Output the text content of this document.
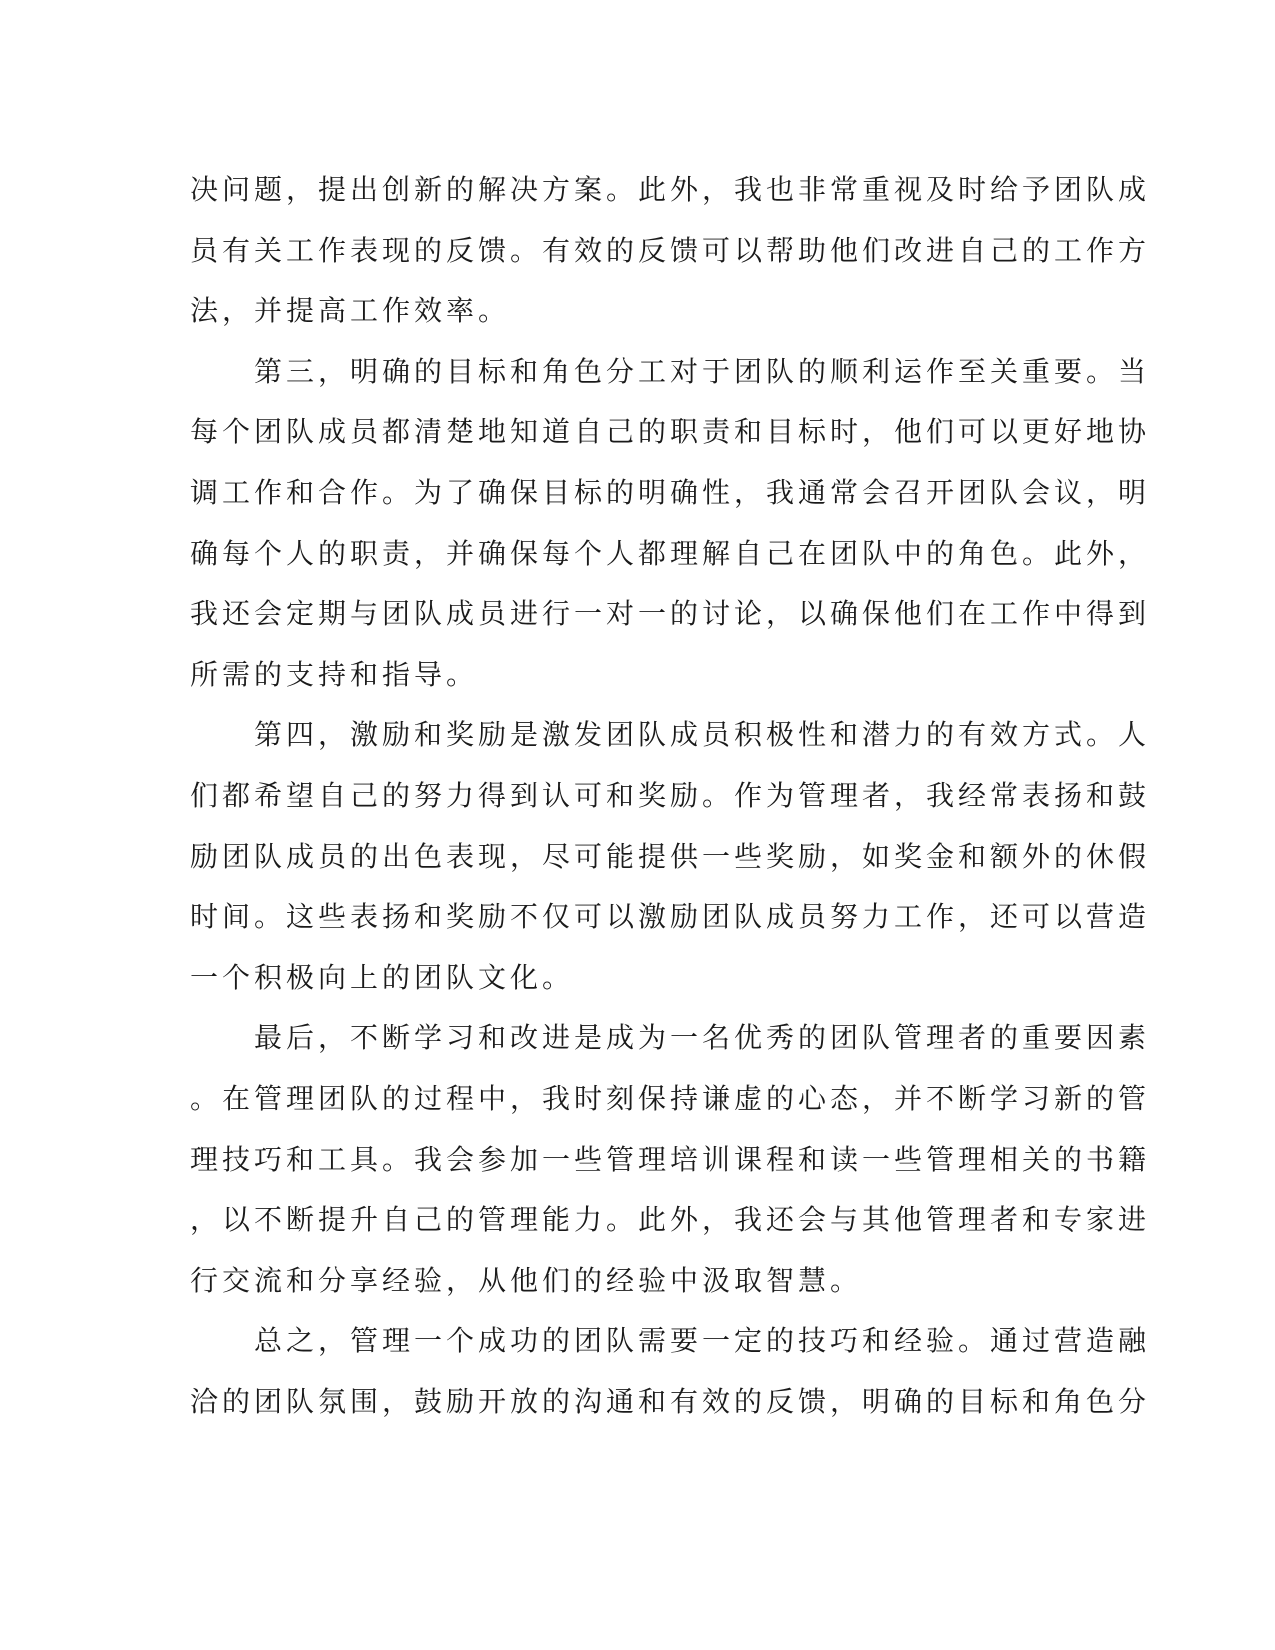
决问题，提出创新的解决方案。此外，我也非常重视及时给予团队成
员有关工作表现的反馈。有效的反馈可以帮助他们改进自己的工作方
法，并提高工作效率。
　　第三，明确的目标和角色分工对于团队的顺利运作至关重要。当
每个团队成员都清楚地知道自己的职责和目标时，他们可以更好地协
调工作和合作。为了确保目标的明确性，我通常会召开团队会议，明
确每个人的职责，并确保每个人都理解自己在团队中的角色。此外，
我还会定期与团队成员进行一对一的讨论，以确保他们在工作中得到
所需的支持和指导。
　　第四，激励和奖励是激发团队成员积极性和潜力的有效方式。人
们都希望自己的努力得到认可和奖励。作为管理者，我经常表扬和鼓
励团队成员的出色表现，尽可能提供一些奖励，如奖金和额外的休假
时间。这些表扬和奖励不仅可以激励团队成员努力工作，还可以营造
一个积极向上的团队文化。
　　最后，不断学习和改进是成为一名优秀的团队管理者的重要因素
。在管理团队的过程中，我时刻保持谦虚的心态，并不断学习新的管
理技巧和工具。我会参加一些管理培训课程和读一些管理相关的书籍
，以不断提升自己的管理能力。此外，我还会与其他管理者和专家进
行交流和分享经验，从他们的经验中汲取智慧。
　　总之，管理一个成功的团队需要一定的技巧和经验。通过营造融
洽的团队氛围，鼓励开放的沟通和有效的反馈，明确的目标和角色分
